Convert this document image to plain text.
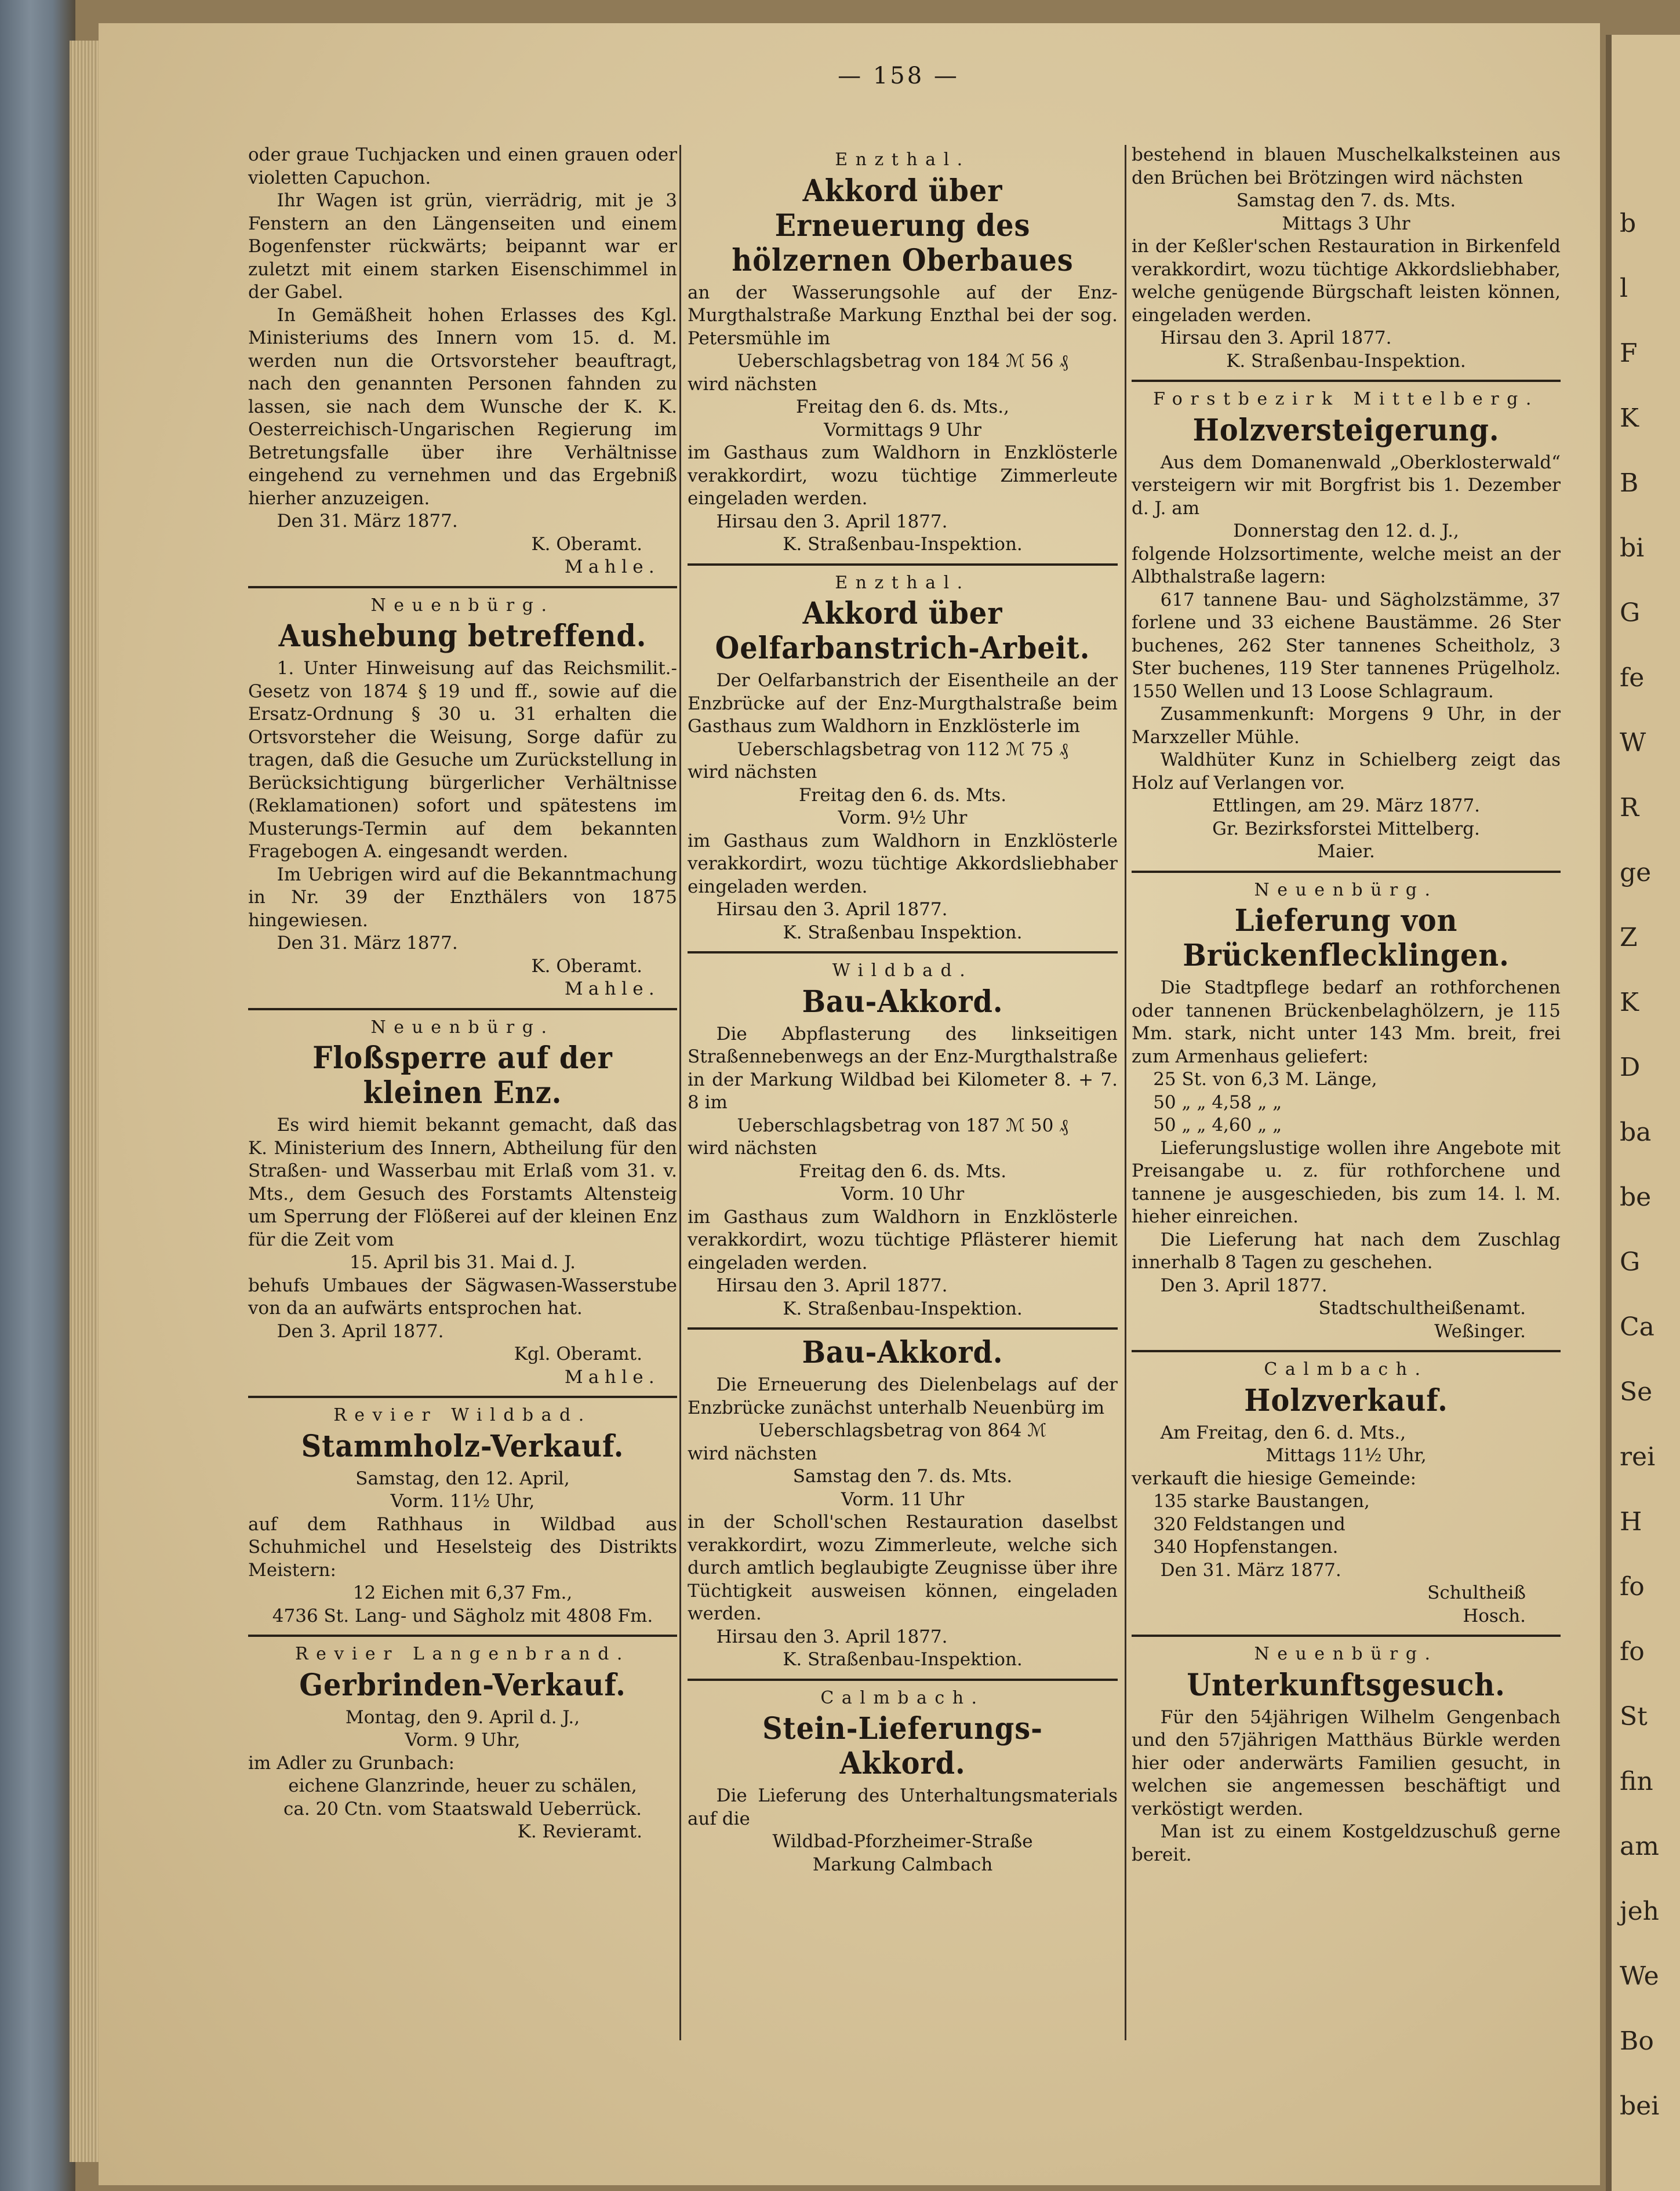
b
l
F
K
B
bi
G
fe
W
R
ge
Z
K
D
ba
be
G
Ca
Se
rei
H
fo
fo
St
fin
am
jeh
We
Bo
bei
— 158 —
oder graue Tuchjacken und einen grauen oder violetten Capuchon.
Ihr Wagen ist grün, vierrädrig, mit je 3 Fenstern an den Längenseiten und einem Bogenfenster rückwärts; beipannt war er zuletzt mit einem starken Eisenschimmel in der Gabel.
In Gemäßheit hohen Erlasses des Kgl. Ministeriums des Innern vom 15. d. M. werden nun die Ortsvorsteher beauftragt, nach den genannten Personen fahnden zu lassen, sie nach dem Wunsche der K. K. Oesterreichisch-Ungarischen Regierung im Betretungsfalle über ihre Verhältnisse eingehend zu vernehmen und das Ergebniß hierher anzuzeigen.
Den 31. März 1877.
K. Oberamt.
Mahle.
Neuenbürg.
Aushebung betreffend.
1. Unter Hinweisung auf das Reichsmilit.-Gesetz von 1874 § 19 und ff., sowie auf die Ersatz-Ordnung § 30 u. 31 erhalten die Ortsvorsteher die Weisung, Sorge dafür zu tragen, daß die Gesuche um Zurückstellung in Berücksichtigung bürgerlicher Verhältnisse (Reklamationen) sofort und spätestens im Musterungs-Termin auf dem bekannten Fragebogen A. eingesandt werden.
Im Uebrigen wird auf die Bekanntmachung in Nr. 39 der Enzthälers von 1875 hingewiesen.
Den 31. März 1877.
K. Oberamt.
Mahle.
Neuenbürg.
Floßsperre auf der kleinen Enz.
Es wird hiemit bekannt gemacht, daß das K. Ministerium des Innern, Abtheilung für den Straßen- und Wasserbau mit Erlaß vom 31. v. Mts., dem Gesuch des Forstamts Altensteig um Sperrung der Flößerei auf der kleinen Enz für die Zeit vom
15. April bis 31. Mai d. J.
behufs Umbaues der Sägwasen-Wasserstube von da an aufwärts entsprochen hat.
Den 3. April 1877.
Kgl. Oberamt.
Mahle.
Revier Wildbad.
Stammholz-Verkauf.
Samstag, den 12. April,
Vorm. 11½ Uhr,
auf dem Rathhaus in Wildbad aus Schuhmichel und Heselsteig des Distrikts Meistern:
12 Eichen mit 6,37 Fm.,
4736 St. Lang- und Sägholz mit 4808 Fm.
Revier Langenbrand.
Gerbrinden-Verkauf.
Montag, den 9. April d. J.,
Vorm. 9 Uhr,
im Adler zu Grunbach:
eichene Glanzrinde, heuer zu schälen,
ca. 20 Ctn. vom Staatswald Ueberrück.
K. Revieramt.
Enzthal.
Akkord über Erneuerung des hölzernen Oberbaues
an der Wasserungsohle auf der Enz-Murgthalstraße Markung Enzthal bei der sog. Petersmühle im
Ueberschlagsbetrag von 184 ℳ 56 ₰
wird nächsten
Freitag den 6. ds. Mts.,
Vormittags 9 Uhr
im Gasthaus zum Waldhorn in Enzklösterle verakkordirt, wozu tüchtige Zimmerleute eingeladen werden.
Hirsau den 3. April 1877.
K. Straßenbau-Inspektion.
Enzthal.
Akkord über Oelfarbanstrich-Arbeit.
Der Oelfarbanstrich der Eisentheile an der Enzbrücke auf der Enz-Murgthalstraße beim Gasthaus zum Waldhorn in Enzklösterle im
Ueberschlagsbetrag von 112 ℳ 75 ₰
wird nächsten
Freitag den 6. ds. Mts.
Vorm. 9½ Uhr
im Gasthaus zum Waldhorn in Enzklösterle verakkordirt, wozu tüchtige Akkordsliebhaber eingeladen werden.
Hirsau den 3. April 1877.
K. Straßenbau Inspektion.
Wildbad.
Bau-Akkord.
Die Abpflasterung des linkseitigen Straßennebenwegs an der Enz-Murgthalstraße in der Markung Wildbad bei Kilometer 8. + 7. 8 im
Ueberschlagsbetrag von 187 ℳ 50 ₰
wird nächsten
Freitag den 6. ds. Mts.
Vorm. 10 Uhr
im Gasthaus zum Waldhorn in Enzklösterle verakkordirt, wozu tüchtige Pflästerer hiemit eingeladen werden.
Hirsau den 3. April 1877.
K. Straßenbau-Inspektion.
Bau-Akkord.
Die Erneuerung des Dielenbelags auf der Enzbrücke zunächst unterhalb Neuenbürg im
Ueberschlagsbetrag von 864 ℳ
wird nächsten
Samstag den 7. ds. Mts.
Vorm. 11 Uhr
in der Scholl'schen Restauration daselbst verakkordirt, wozu Zimmerleute, welche sich durch amtlich beglaubigte Zeugnisse über ihre Tüchtigkeit ausweisen können, eingeladen werden.
Hirsau den 3. April 1877.
K. Straßenbau-Inspektion.
Calmbach.
Stein-Lieferungs-Akkord.
Die Lieferung des Unterhaltungsmaterials auf die
Wildbad-Pforzheimer-Straße
Markung Calmbach
bestehend in blauen Muschelkalksteinen aus den Brüchen bei Brötzingen wird nächsten
Samstag den 7. ds. Mts.
Mittags 3 Uhr
in der Keßler'schen Restauration in Birkenfeld verakkordirt, wozu tüchtige Akkordsliebhaber, welche genügende Bürgschaft leisten können, eingeladen werden.
Hirsau den 3. April 1877.
K. Straßenbau-Inspektion.
Forstbezirk Mittelberg.
Holzversteigerung.
Aus dem Domanenwald „Oberklosterwald“ versteigern wir mit Borgfrist bis 1. Dezember d. J. am
Donnerstag den 12. d. J.,
folgende Holzsortimente, welche meist an der Albthalstraße lagern:
617 tannene Bau- und Sägholzstämme, 37 forlene und 33 eichene Baustämme. 26 Ster buchenes, 262 Ster tannenes Scheitholz, 3 Ster buchenes, 119 Ster tannenes Prügelholz. 1550 Wellen und 13 Loose Schlagraum.
Zusammenkunft: Morgens 9 Uhr, in der Marxzeller Mühle.
Waldhüter Kunz in Schielberg zeigt das Holz auf Verlangen vor.
Ettlingen, am 29. März 1877.
Gr. Bezirksforstei Mittelberg.
Maier.
Neuenbürg.
Lieferung von Brückenflecklingen.
Die Stadtpflege bedarf an rothforchenen oder tannenen Brückenbelaghölzern, je 115 Mm. stark, nicht unter 143 Mm. breit, frei zum Armenhaus geliefert:
25 St. von 6,3 M. Länge,
50 „ „ 4,58 „ „
50 „ „ 4,60 „ „
Lieferungslustige wollen ihre Angebote mit Preisangabe u. z. für rothforchene und tannene je ausgeschieden, bis zum 14. l. M. hieher einreichen.
Die Lieferung hat nach dem Zuschlag innerhalb 8 Tagen zu geschehen.
Den 3. April 1877.
Stadtschultheißenamt.
Weßinger.
Calmbach.
Holzverkauf.
Am Freitag, den 6. d. Mts.,
Mittags 11½ Uhr,
verkauft die hiesige Gemeinde:
135 starke Baustangen,
320 Feldstangen und
340 Hopfenstangen.
Den 31. März 1877.
Schultheiß
Hosch.
Neuenbürg.
Unterkunftsgesuch.
Für den 54jährigen Wilhelm Gengenbach und den 57jährigen Matthäus Bürkle werden hier oder anderwärts Familien gesucht, in welchen sie angemessen beschäftigt und verköstigt werden.
Man ist zu einem Kostgeldzuschuß gerne bereit.
